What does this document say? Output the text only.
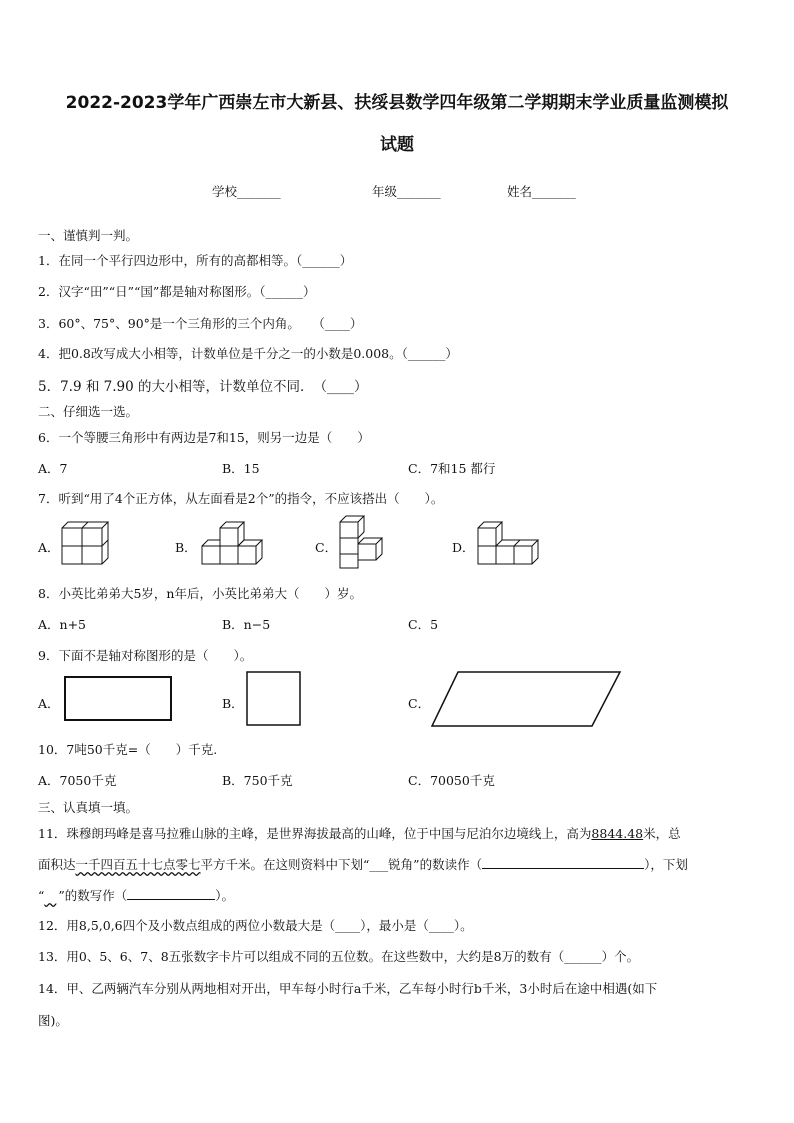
2022-2023学年广西崇左市大新县、扶绥县数学四年级第二学期期末学业质量监测模拟
试题
学校_______	年级_______	姓名_______
一、谨慎判一判。
1．在同一个平行四边形中，所有的高都相等。（______）
2．汉字“田”“日”“国”都是轴对称图形。（______）
3．60°、75°、90°是一个三角形的三个内角。　　（____）
4．把0.8改写成大小相等，计数单位是千分之一的小数是0.008。（______）
5．7.9 和 7.90 的大小相等，计数单位不同．　（____）
二、仔细选一选。
6．一个等腰三角形中有两边是7和15，则另一边是（　　）
A．7	B．15	C．7和15 都行
7．听到“用了4个正方体，从左面看是2个”的指令，不应该搭出（　　）。
A．	B．	C．	D．
8．小英比弟弟大5岁，n年后，小英比弟弟大（　　）岁。
A．n+5	B．n−5	C．5
9．下面不是轴对称图形的是（　　）。
A．	B．	C．
10．7吨50千克=（　　）千克.
A．7050千克	B．750千克	C．70050千克
三、认真填一填。
11．珠穆朗玛峰是喜马拉雅山脉的主峰，是世界海拔最高的山峰，位于中国与尼泊尔边境线上，高为8844.48米，总
面积达一千四百五十七点零七平方千米。在这则资料中下划“___锐角”的数读作（	），下划
“ ”的数写作（	）。
12．用8,5,0,6四个及小数点组成的两位小数最大是（____），最小是（____）。
13．用0、5、6、7、8五张数字卡片可以组成不同的五位数。在这些数中，大约是8万的数有（______）个。
14．甲、乙两辆汽车分别从两地相对开出，甲车每小时行a千米，乙车每小时行b千米，3小时后在途中相遇(如下
图)。
